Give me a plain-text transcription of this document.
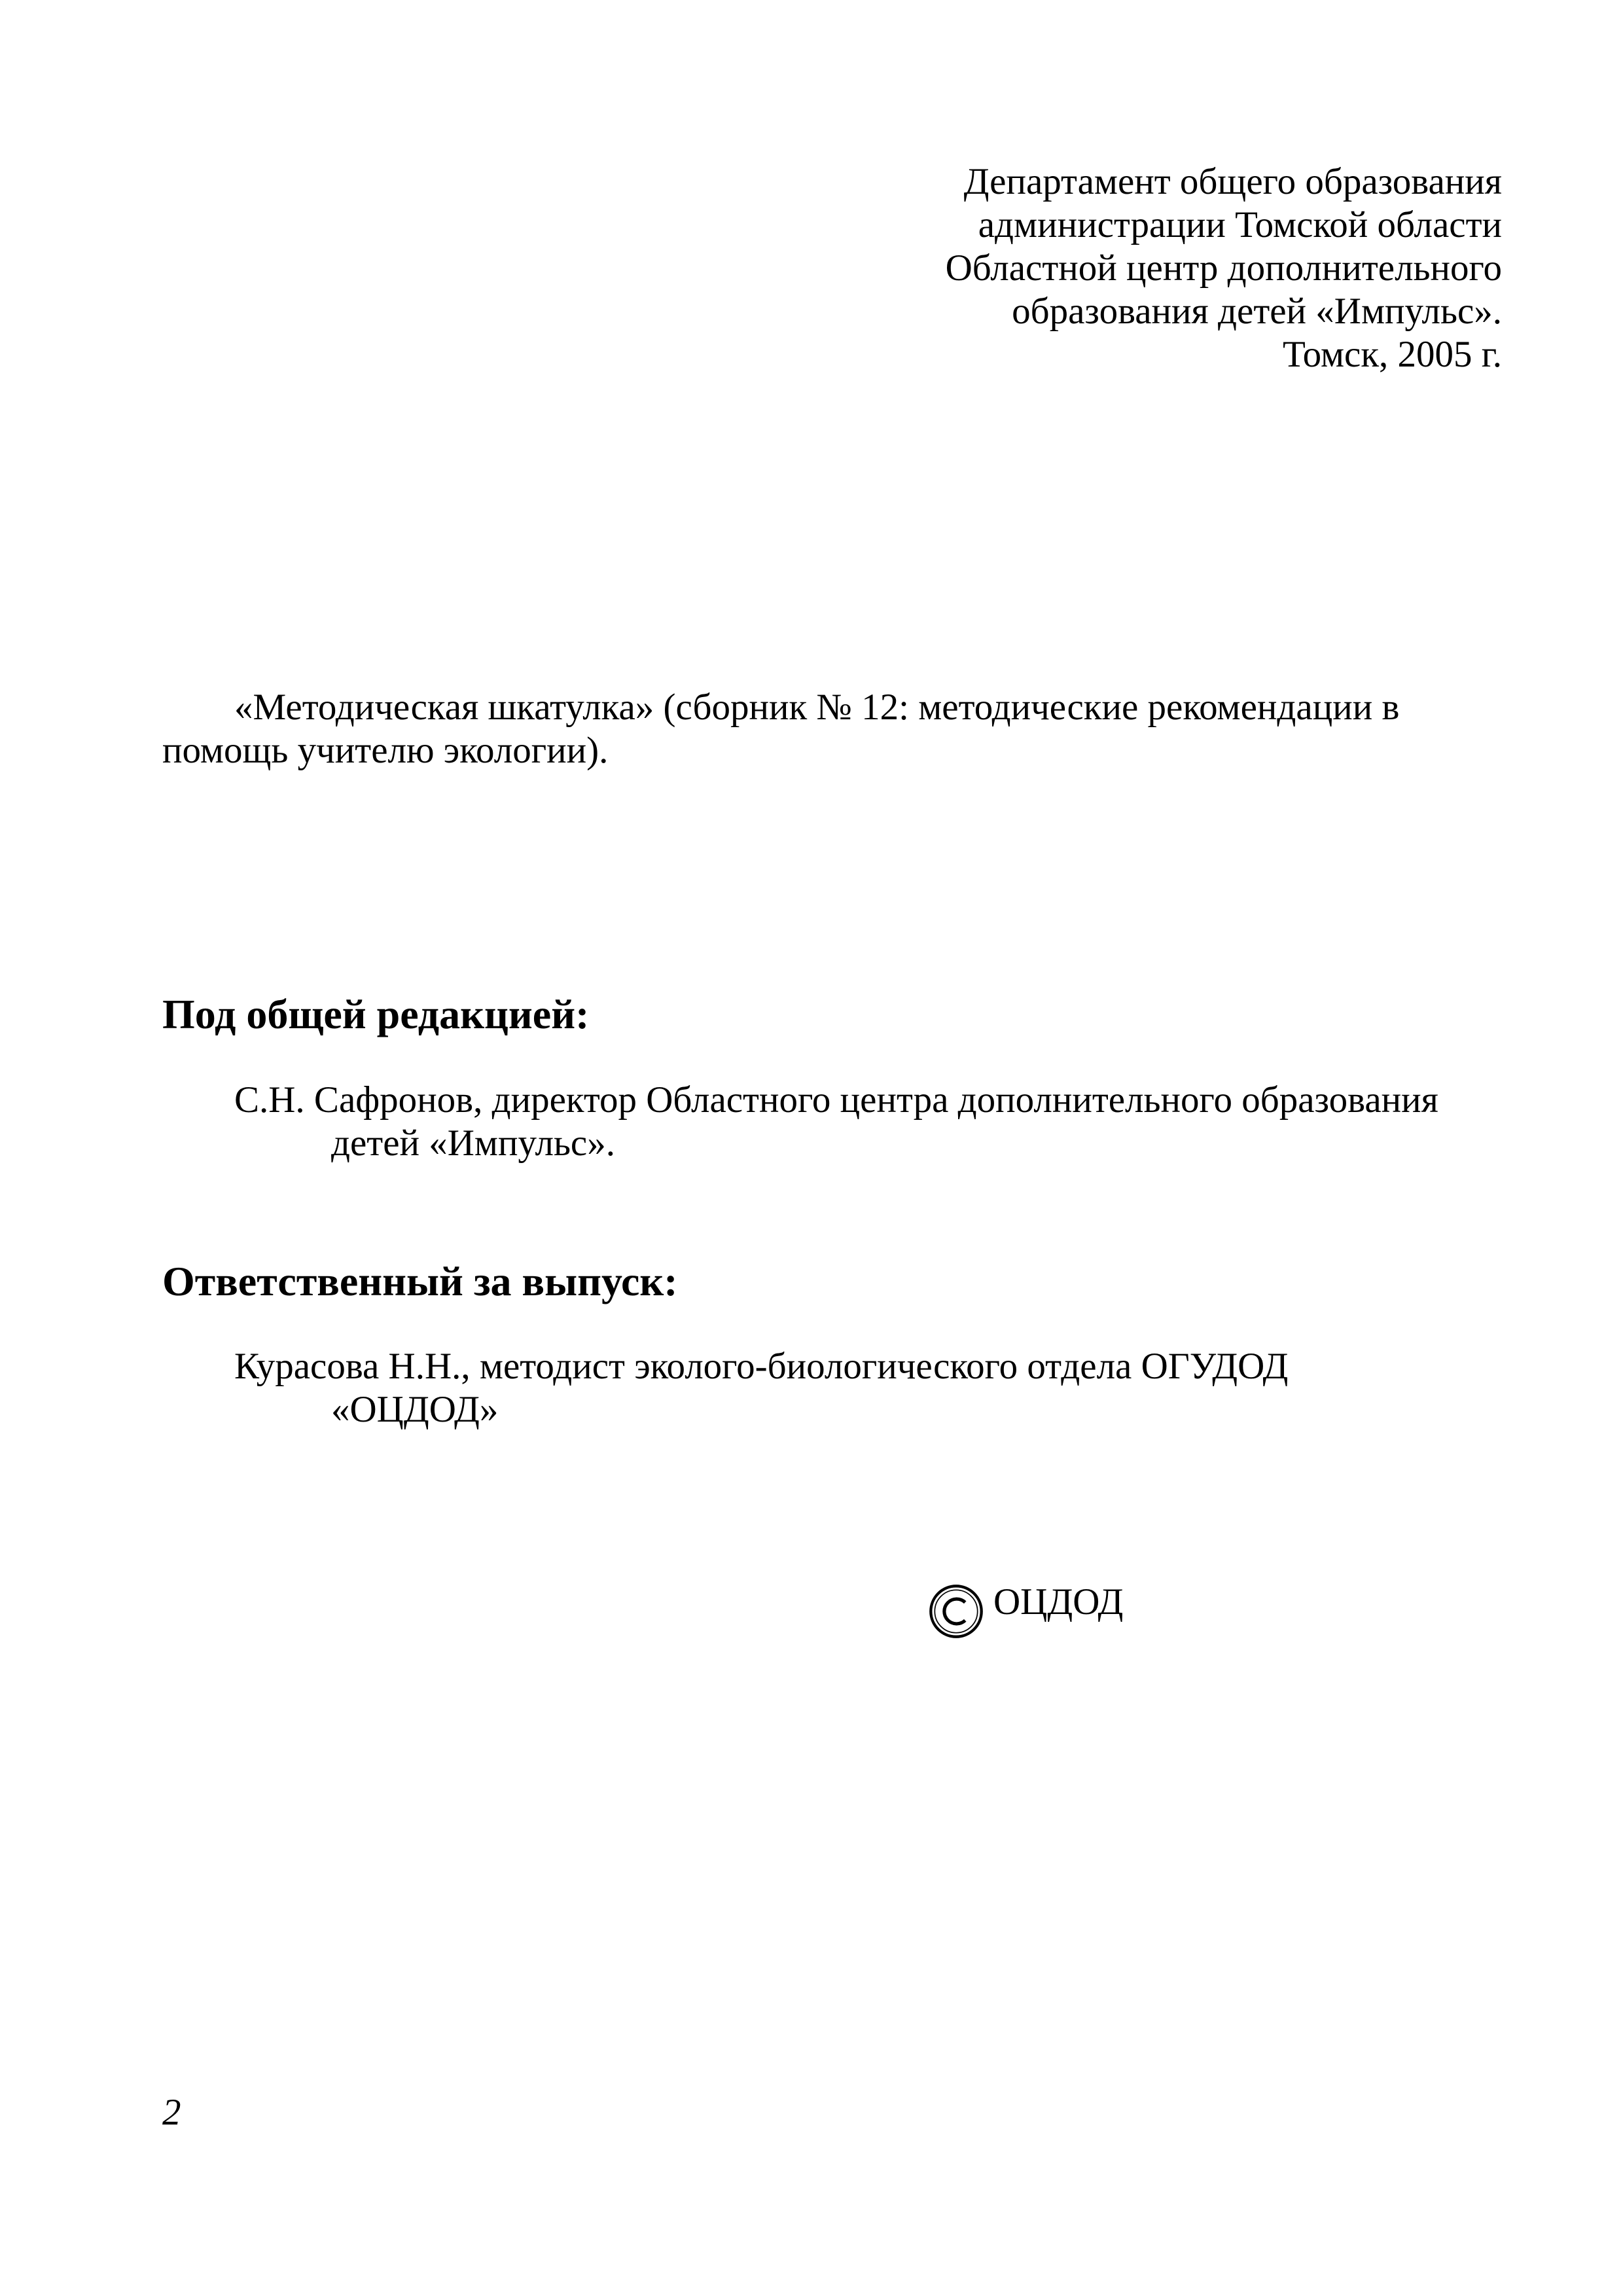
Департамент общего образования
администрации Томской области
Областной центр дополнительного
образования детей «Импульс».
Томск, 2005 г.

«Методическая шкатулка» (сборник № 12: методические рекомендации в помощь учителю экологии).

Под общей редакцией:
С.Н. Сафронов, директор Областного центра дополнительного образования
детей «Импульс».
Ответственный за выпуск:
Курасова Н.Н., методист эколого-биологического отдела ОГУДОД
«ОЦДОД»
ОЦДОД
2
